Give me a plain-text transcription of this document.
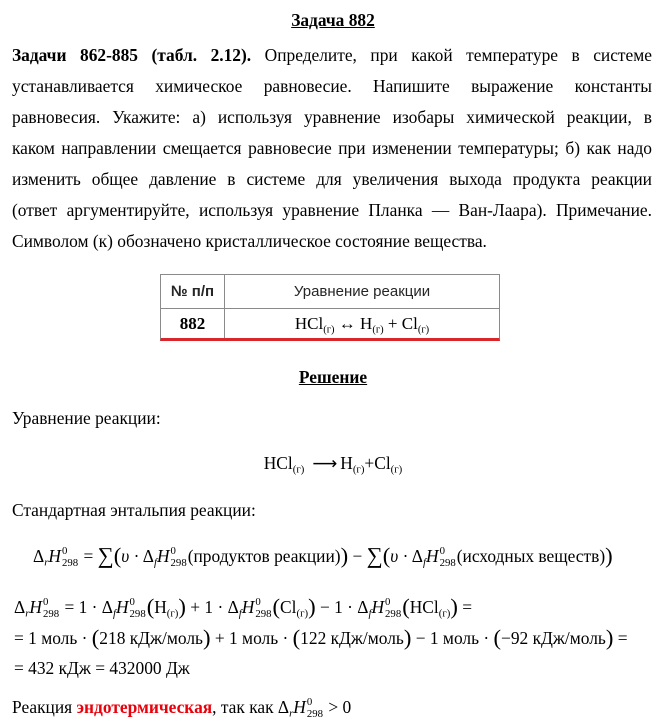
Задача 882
Задачи 862-885 (табл. 2.12). Определите, при какой температуре в системе
устанавливается химическое равновесие. Напишите выражение константы
равновесия. Укажите: а) используя уравнение изобары химической реакции, в
каком направлении смещается равновесие при изменении температуры; б) как надо
изменить общее давление в системе для увеличения выхода продукта реакции
(ответ аргументируйте, используя уравнение Планка — Ван-Лаара). Примечание.
Символом (к) обозначено кристаллическое состояние вещества.
№ п/п	Уравнение реакции
882	HCl(г) ↔ H(г) + Cl(г)
Решение
Уравнение реакции:
HCl(г) ⟶ H(г)+Cl(г)
Стандартная энтальпия реакции:
ΔrH 0
298 = ∑(υ · ΔfH 0
298 (продуктов реакции)) − ∑(υ · ΔfH 0
298 (исходных веществ))
ΔrH 0
298 = 1 · ΔfH 0
298 (H(г)) + 1 · ΔfH 0
298 (Cl(г)) − 1 · ΔfH 0
298 (HCl(г)) =
= 1 моль · (218 кДж/моль) + 1 моль · (122 кДж/моль) − 1 моль · (−92 кДж/моль) =
= 432 кДж = 432000 Дж
Реакция эндотермическая, так как ΔrH 0
298 > 0
